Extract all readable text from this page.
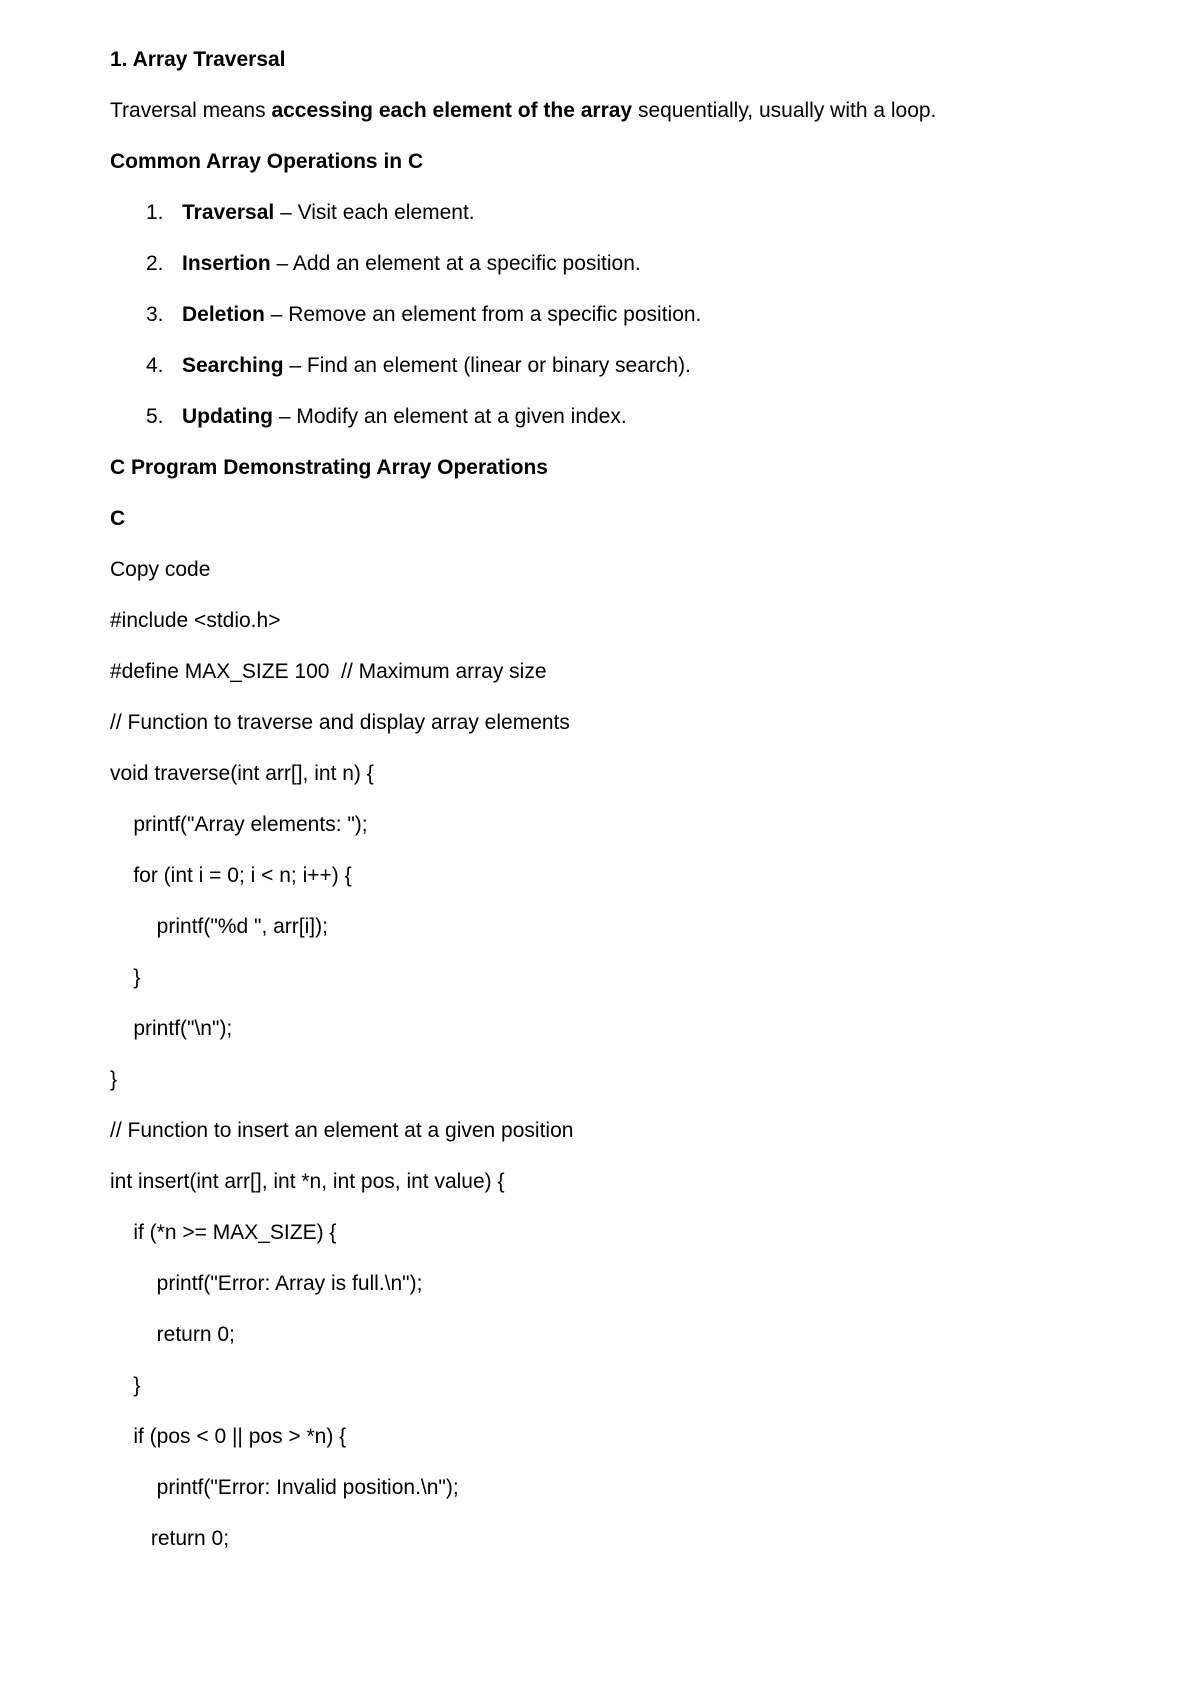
1. Array Traversal
Traversal means accessing each element of the array sequentially, usually with a loop.
Common Array Operations in C
1. Traversal – Visit each element.
2. Insertion – Add an element at a specific position.
3. Deletion – Remove an element from a specific position.
4. Searching – Find an element (linear or binary search).
5. Updating – Modify an element at a given index.
C Program Demonstrating Array Operations
C
Copy code
#include <stdio.h>
#define MAX_SIZE 100  // Maximum array size
// Function to traverse and display array elements
void traverse(int arr[], int n) {
printf("Array elements: ");
for (int i = 0; i < n; i++) {
printf("%d ", arr[i]);
}
printf("\n");
}
// Function to insert an element at a given position
int insert(int arr[], int *n, int pos, int value) {
if (*n >= MAX_SIZE) {
printf("Error: Array is full.\n");
return 0;
}
if (pos < 0 || pos > *n) {
printf("Error: Invalid position.\n");
return 0;
